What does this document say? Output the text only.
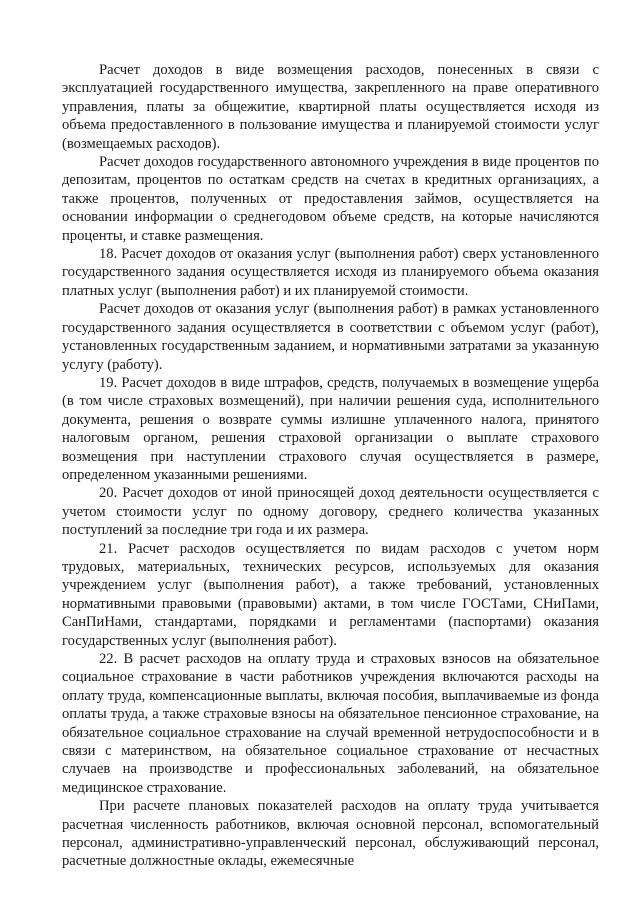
Расчет доходов в виде возмещения расходов, понесенных в связи с эксплуатацией государственного имущества, закрепленного на праве оперативного управления, платы за общежитие, квартирной платы осуществляется исходя из объема предоставленного в пользование имущества и планируемой стоимости услуг (возмещаемых расходов).

Расчет доходов государственного автономного учреждения в виде процентов по депозитам, процентов по остаткам средств на счетах в кредитных организациях, а также процентов, полученных от предоставления займов, осуществляется на основании информации о среднегодовом объеме средств, на которые начисляются проценты, и ставке размещения.

18. Расчет доходов от оказания услуг (выполнения работ) сверх установленного государственного задания осуществляется исходя из планируемого объема оказания платных услуг (выполнения работ) и их планируемой стоимости.

Расчет доходов от оказания услуг (выполнения работ) в рамках установленного государственного задания осуществляется в соответствии с объемом услуг (работ), установленных государственным заданием, и нормативными затратами за указанную услугу (работу).

19. Расчет доходов в виде штрафов, средств, получаемых в возмещение ущерба (в том числе страховых возмещений), при наличии решения суда, исполнительного документа, решения о возврате суммы излишне уплаченного налога, принятого налоговым органом, решения страховой организации о выплате страхового возмещения при наступлении страхового случая осуществляется в размере, определенном указанными решениями.

20. Расчет доходов от иной приносящей доход деятельности осуществляется с учетом стоимости услуг по одному договору, среднего количества указанных поступлений за последние три года и их размера.

21. Расчет расходов осуществляется по видам расходов с учетом норм трудовых, материальных, технических ресурсов, используемых для оказания учреждением услуг (выполнения работ), а также требований, установленных нормативными правовыми (правовыми) актами, в том числе ГОСТами, СНиПами, СанПиНами, стандартами, порядками и регламентами (паспортами) оказания государственных услуг (выполнения работ).

22. В расчет расходов на оплату труда и страховых взносов на обязательное социальное страхование в части работников учреждения включаются расходы на оплату труда, компенсационные выплаты, включая пособия, выплачиваемые из фонда оплаты труда, а также страховые взносы на обязательное пенсионное страхование, на обязательное социальное страхование на случай временной нетрудоспособности и в связи с материнством, на обязательное социальное страхование от несчастных случаев на производстве и профессиональных заболеваний, на обязательное медицинское страхование.

При расчете плановых показателей расходов на оплату труда учитывается расчетная численность работников, включая основной персонал, вспомогательный персонал, административно-управленческий персонал, обслуживающий персонал, расчетные должностные оклады, ежемесячные
